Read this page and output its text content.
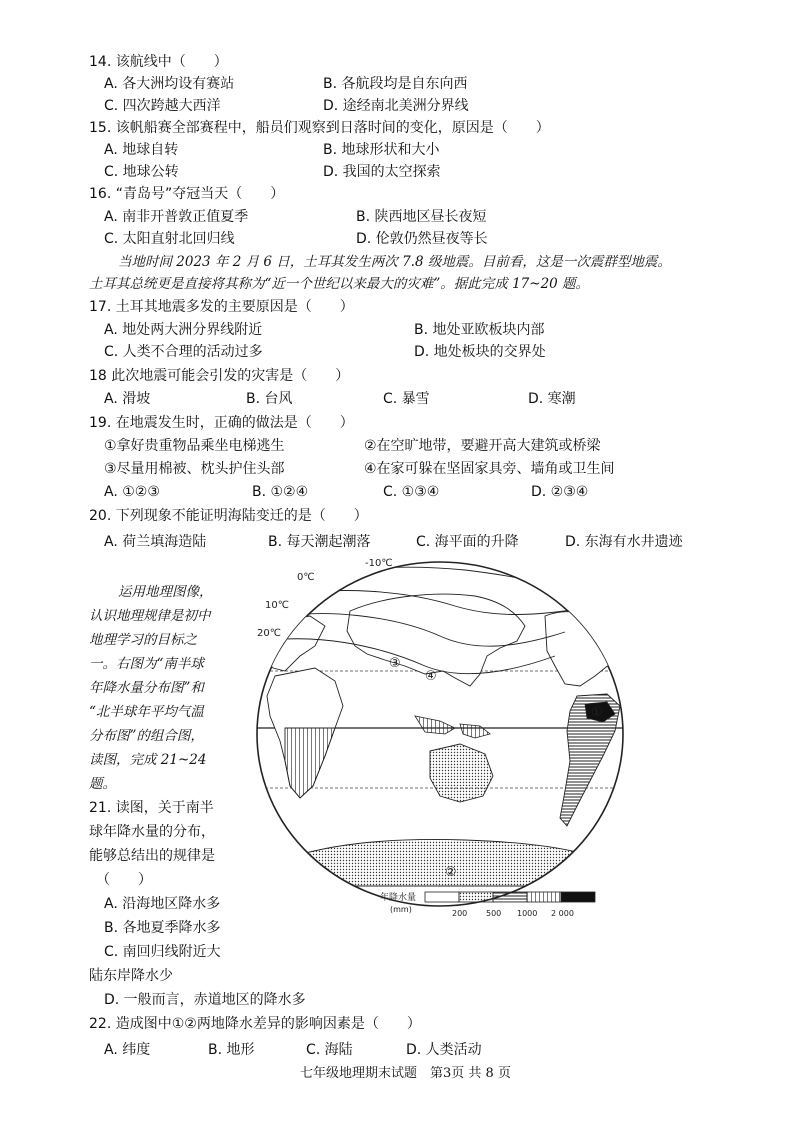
14. 该航线中（　　）
A. 各大洲均设有赛站	B. 各航段均是自东向西
C. 四次跨越大西洋	D. 途经南北美洲分界线
15. 该帆船赛全部赛程中，船员们观察到日落时间的变化，原因是（　　）
A. 地球自转	B. 地球形状和大小
C. 地球公转	D. 我国的太空探索
16. “青岛号”夺冠当天（　　）
A. 南非开普敦正值夏季	B. 陕西地区昼长夜短
C. 太阳直射北回归线	D. 伦敦仍然昼夜等长
当地时间 2023 年 2 月 6 日，土耳其发生两次 7.8 级地震。目前看，这是一次震群型地震。
土耳其总统更是直接将其称为“近一个世纪以来最大的灾难”。据此完成 17~20 题。
17. 土耳其地震多发的主要原因是（　　）
A. 地处两大洲分界线附近	B. 地处亚欧板块内部
C. 人类不合理的活动过多	D. 地处板块的交界处
18 此次地震可能会引发的灾害是（　　）
A. 滑坡	B. 台风	C. 暴雪	D. 寒潮
19. 在地震发生时，正确的做法是（　　）
①拿好贵重物品乘坐电梯逃生	②在空旷地带，要避开高大建筑或桥梁
③尽量用棉被、枕头护住头部	④在家可躲在坚固家具旁、墙角或卫生间
A. ①②③	B. ①②④	C. ①③④	D. ②③④
20. 下列现象不能证明海陆变迁的是（　　）
A. 荷兰填海造陆	B. 每天潮起潮落	C. 海平面的升降	D. 东海有水井遗迹
运用地理图像，
认识地理规律是初中
地理学习的目标之
一。右图为“南半球
年降水量分布图”和
“北半球年平均气温
分布图”的组合图，
读图，完成 21~24
题。
21. 读图，关于南半
球年降水量的分布，
能够总结出的规律是
（　　）
A. 沿海地区降水多
B. 各地夏季降水多
C. 南回归线附近大
陆东岸降水少
D. 一般而言，赤道地区的降水多
22. 造成图中①②两地降水差异的影响因素是（　　）
A. 纬度	B. 地形	C. 海陆	D. 人类活动
七年级地理期末试题 第3页 共 8 页
-10℃
0℃
10℃
20℃
①
②
③
④
年降水量
(mm)	200 500 1000 2 000
